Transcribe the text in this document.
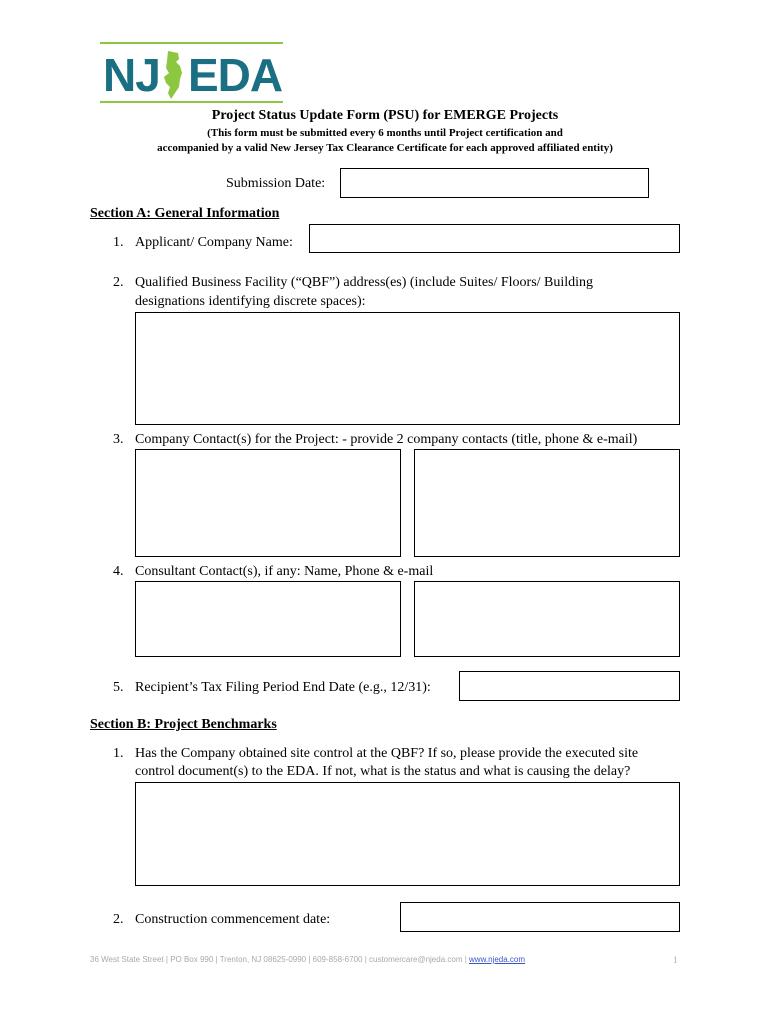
NJ EDA
Project Status Update Form (PSU) for EMERGE Projects
(This form must be submitted every 6 months until Project certification and
accompanied by a valid New Jersey Tax Clearance Certificate for each approved affiliated entity)
Submission Date:
Section A: General Information
1. Applicant/ Company Name:
2. Qualified Business Facility (“QBF”) address(es) (include Suites/ Floors/ Building
designations identifying discrete spaces):
3. Company Contact(s) for the Project: - provide 2 company contacts (title, phone & e-mail)
4. Consultant Contact(s), if any: Name, Phone & e-mail
5. Recipient’s Tax Filing Period End Date (e.g., 12/31):
Section B: Project Benchmarks
1. Has the Company obtained site control at the QBF? If so, please provide the executed site
control document(s) to the EDA. If not, what is the status and what is causing the delay?
2. Construction commencement date:
36 West State Street | PO Box 990 | Trenton, NJ 08625-0990 | 609-858-6700 | customercare@njeda.com | www.njeda.com	1
